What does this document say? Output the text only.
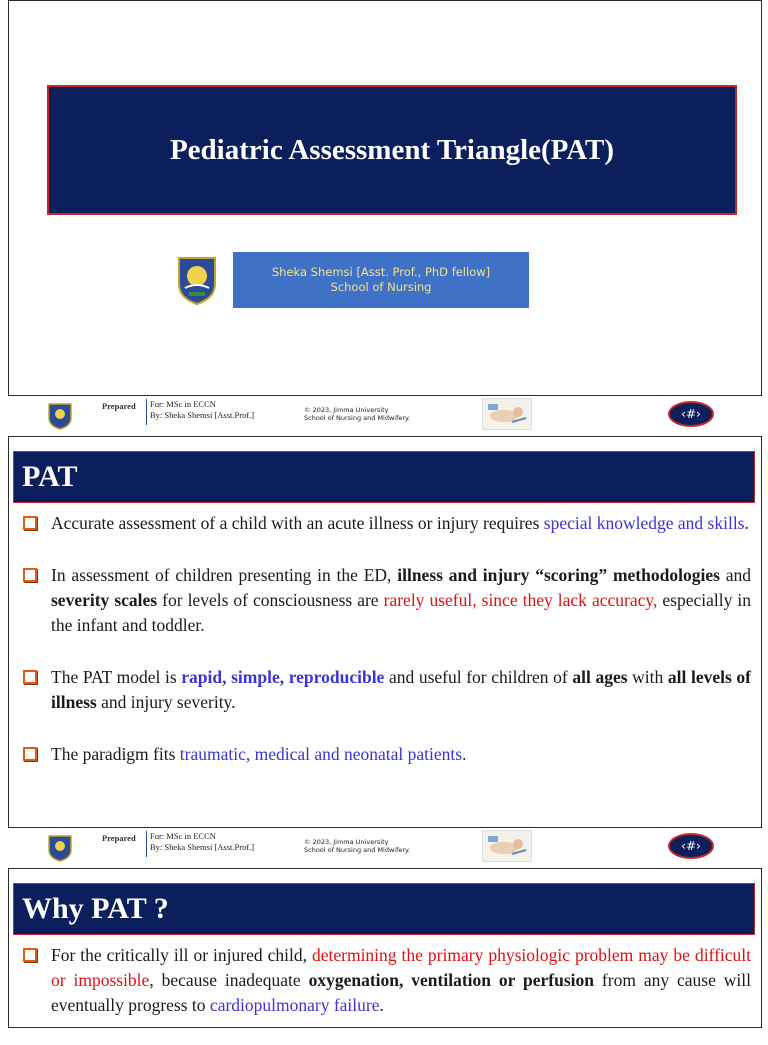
Pediatric Assessment Triangle(PAT)
Sheka Shemsi [Asst. Prof., PhD fellow]
School of Nursing
Prepared For: MSc in ECCN
By: Sheka Shemsi [Asst.Prof.]	© 2023, Jimma University
School of Nursing and Midwifery.	‹#›
PAT
Accurate assessment of a child with an acute illness or injury requires special knowledge and skills.
In assessment of children presenting in the ED, illness and injury “scoring” methodologies and severity scales for levels of consciousness are rarely useful, since they lack accuracy, especially in the infant and toddler.
The PAT model is rapid, simple, reproducible and useful for children of all ages with all levels of illness and injury severity.
The paradigm fits traumatic, medical and neonatal patients.
Prepared For: MSc in ECCN
By: Sheka Shemsi [Asst.Prof.]	© 2023, Jimma University
School of Nursing and Midwifery.	‹#›
Why PAT ?
For the critically ill or injured child, determining the primary physiologic problem may be difficult or impossible, because inadequate oxygenation, ventilation or perfusion from any cause will eventually progress to cardiopulmonary failure.
